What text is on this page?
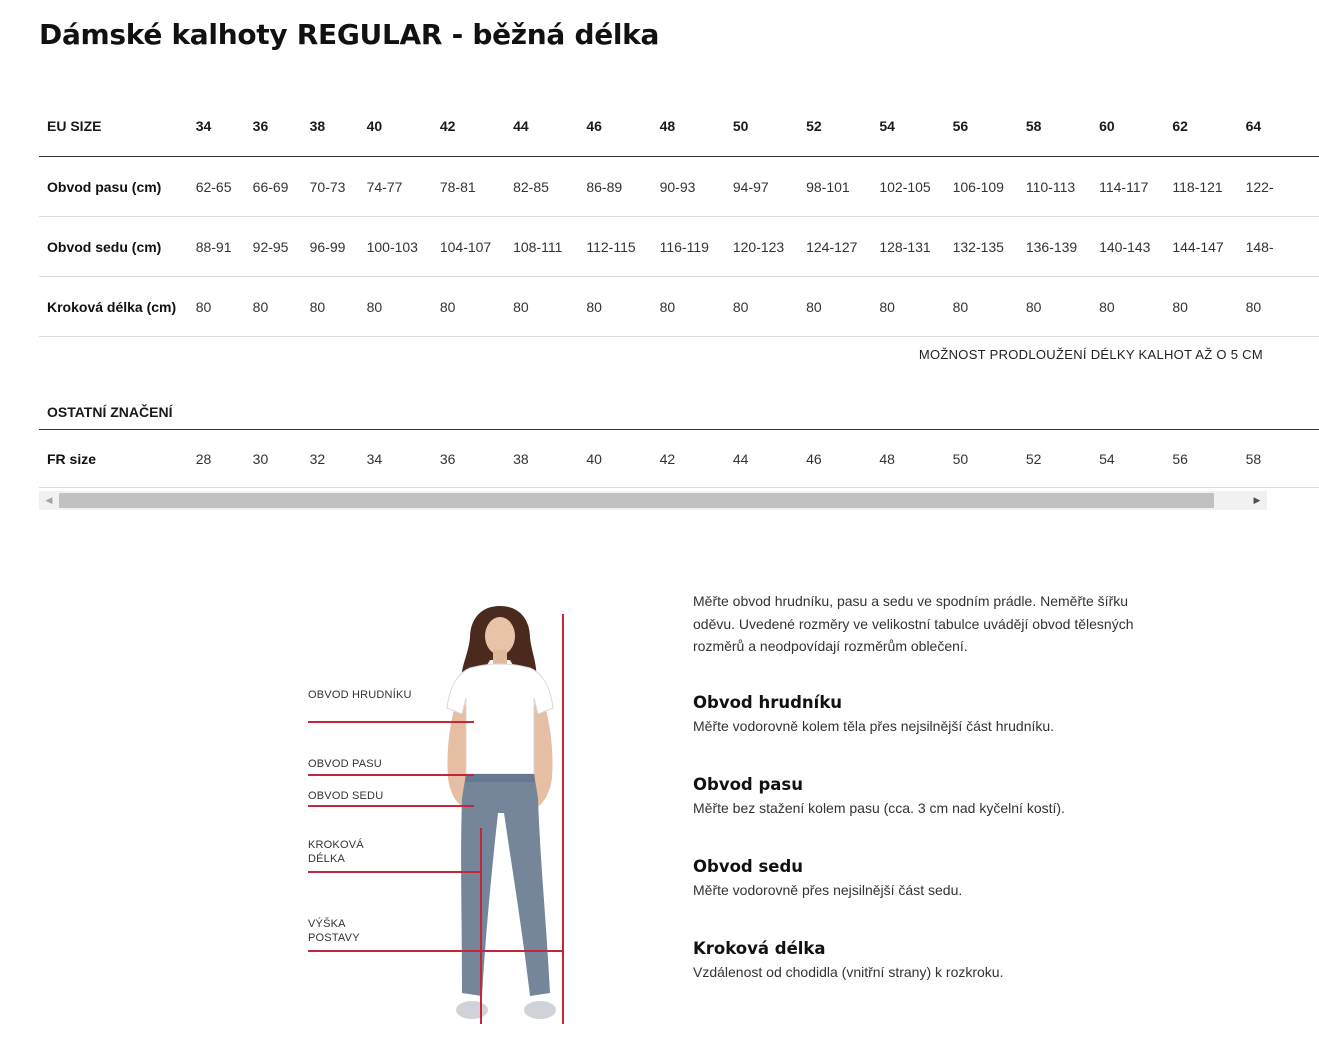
Dámské kalhoty REGULAR - běžná délka
EU SIZE	34	36	38	40	42	44	46	48	50	52	54	56	58	60	62	64
Obvod pasu (cm)	62-65	66-69	70-73	74-77	78-81	82-85	86-89	90-93	94-97	98-101	102-105	106-109	110-113	114-117	118-121	122-
Obvod sedu (cm)	88-91	92-95	96-99	100-103	104-107	108-111	112-115	116-119	120-123	124-127	128-131	132-135	136-139	140-143	144-147	148-
Kroková délka (cm)	80	80	80	80	80	80	80	80	80	80	80	80	80	80	80	80

MOŽNOST PRODLOUŽENÍ DÉLKY KALHOT AŽ O 5 CM																

OSTATNÍ ZNAČENÍ																
FR size	28	30	32	34	36	38	40	42	44	46	48	50	52	54	56	58
◀	▶
OBVOD HRUDNÍKU
OBVOD PASU
OBVOD SEDU
KROKOVÁ DÉLKA
VÝŠKA POSTAVY

Měřte obvod hrudníku, pasu a sedu ve spodním prádle. Neměřte šířku oděvu. Uvedené rozměry ve velikostní tabulce uvádějí obvod tělesných rozměrů a neodpovídají rozměrům oblečení.

Obvod hrudníku

Měřte vodorovně kolem těla přes nejsilnější část hrudníku.

Obvod pasu

Měřte bez stažení kolem pasu (cca. 3 cm nad kyčelní kostí).

Obvod sedu

Měřte vodorovně přes nejsilnější část sedu.

Kroková délka

Vzdálenost od chodidla (vnitřní strany) k rozkroku.
